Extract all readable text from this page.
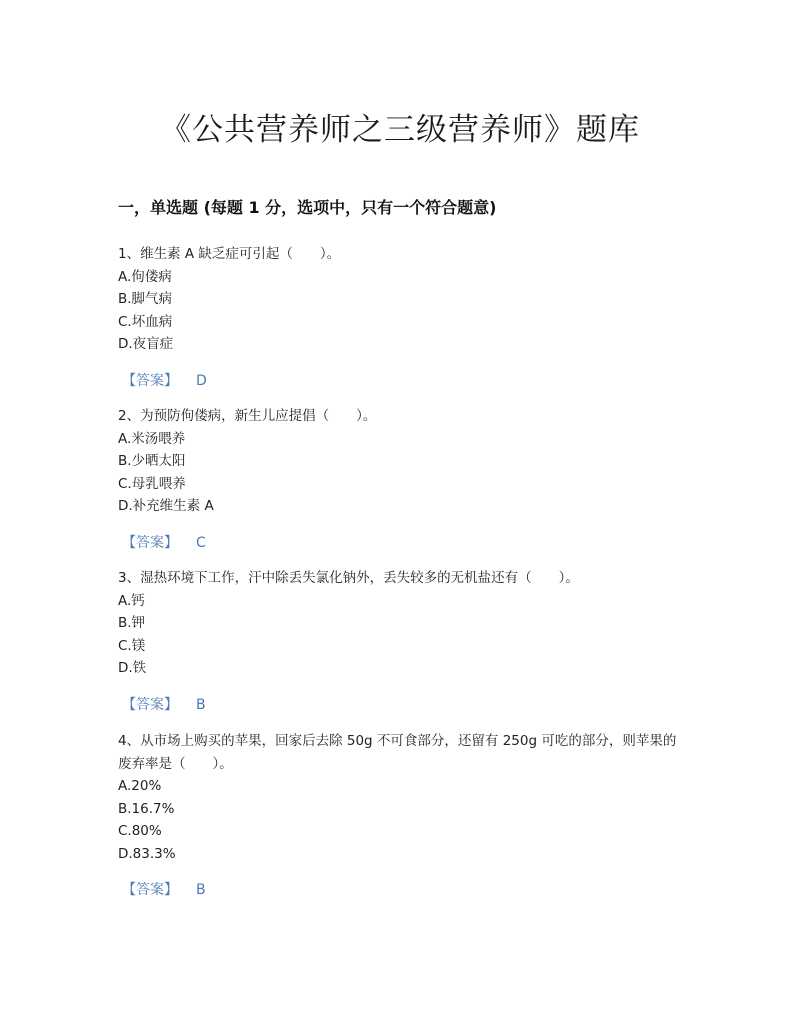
《公共营养师之三级营养师》题库
一，单选题 (每题 1 分，选项中，只有一个符合题意)

1、维生素 A 缺乏症可引起（　　）。

A.佝偻病

B.脚气病

C.坏血病

D.夜盲症

【答案】 D

2、为预防佝偻病，新生儿应提倡（　　）。

A.米汤喂养

B.少晒太阳

C.母乳喂养

D.补充维生素 A

【答案】 C

3、湿热环境下工作，汗中除丢失氯化钠外，丢失较多的无机盐还有（　　）。

A.钙

B.钾

C.镁

D.铁

【答案】 B

4、从市场上购买的苹果，回家后去除 50g 不可食部分，还留有 250g 可吃的部分，则苹果的废弃率是（　　）。

A.20%

B.16.7%

C.80%

D.83.3%

【答案】 B
